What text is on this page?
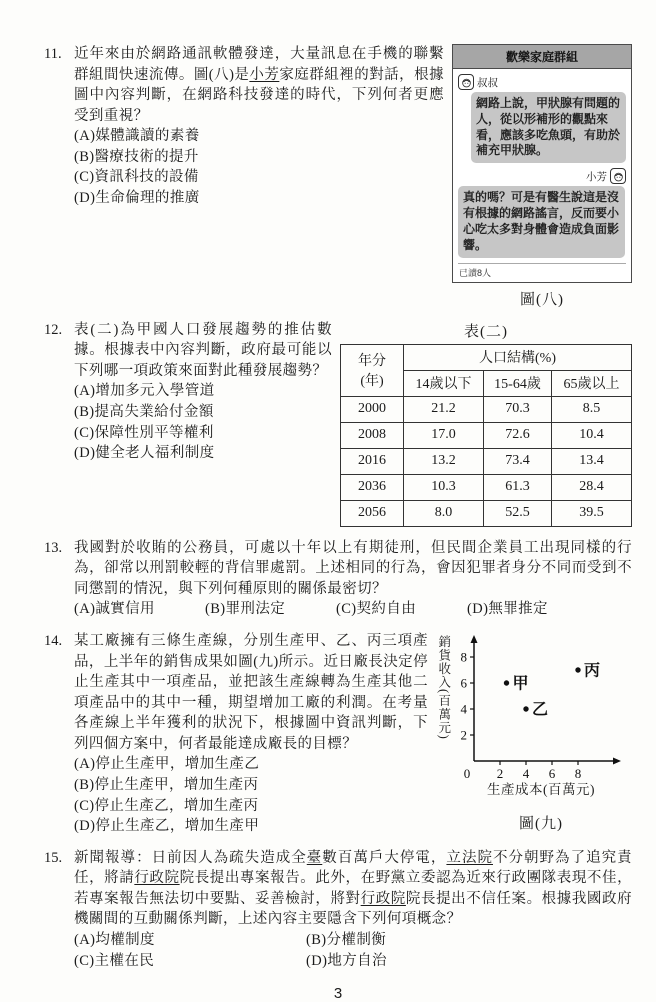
11. 近年來由於網路通訊軟體發達，大量訊息在手機的聯繫群組間快速流傳。圖(八)是小芳家庭群組裡的對話，根據圖中內容判斷，在網路科技發達的時代，下列何者更應受到重視？

(A)媒體識讀的素養
(B)醫療技術的提升
(C)資訊科技的設備
(D)生命倫理的推廣
歡樂家庭群組
叔叔
網路上說，甲狀腺有問題的人，從以形補形的觀點來看，應該多吃魚頭，有助於補充甲狀腺。
小芳
真的嗎？可是有醫生說這是沒有根據的網路謠言，反而要小心吃太多對身體會造成負面影響。
已讀8人
圖(八)
12. 表(二)為甲國人口發展趨勢的推估數據。根據表中內容判斷，政府最可能以下列哪一項政策來面對此種發展趨勢？

(A)增加多元入學管道
(B)提高失業給付金額
(C)保障性別平等權利
(D)健全老人福利制度
表(二)
年分
(年)	人口結構(%)		
	14歲以下	15-64歲	65歲以上
2000	21.2	70.3	8.5
2008	17.0	72.6	10.4
2016	13.2	73.4	13.4
2036	10.3	61.3	28.4
2056	8.0	52.5	39.5
13. 我國對於收賄的公務員，可處以十年以上有期徒刑，但民間企業員工出現同樣的行為，卻常以刑罰較輕的背信罪處罰。上述相同的行為，會因犯罪者身分不同而受到不同懲罰的情況，與下列何種原則的關係最密切？

(A)誠實信用	(B)罪刑法定	(C)契約自由	(D)無罪推定
14. 某工廠擁有三條生產線，分別生產甲、乙、丙三項產品，上半年的銷售成果如圖(九)所示。近日廠長決定停止生產其中一項產品，並把該生產線轉為生產其他二項產品中的其中一種，期望增加工廠的利潤。在考量各產線上半年獲利的狀況下，根據圖中資訊判斷，下列四個方案中，何者最能達成廠長的目標？

(A)停止生產甲，增加生產乙
(B)停止生產甲，增加生產丙
(C)停止生產乙，增加生產丙
(D)停止生產乙，增加生產甲
銷貨收入(百萬元)
0 2 4 6 8
2
4
6
8
甲
乙
丙
生產成本(百萬元)
圖(九)
15. 新聞報導：日前因人為疏失造成全臺數百萬戶大停電，立法院不分朝野為了追究責任，將請行政院院長提出專案報告。此外，在野黨立委認為近來行政團隊表現不佳，若專案報告無法切中要點、妥善檢討，將對行政院院長提出不信任案。根據我國政府機關間的互動關係判斷，上述內容主要隱含下列何項概念？

(A)均權制度	(B)分權制衡
(C)主權在民	(D)地方自治
3
